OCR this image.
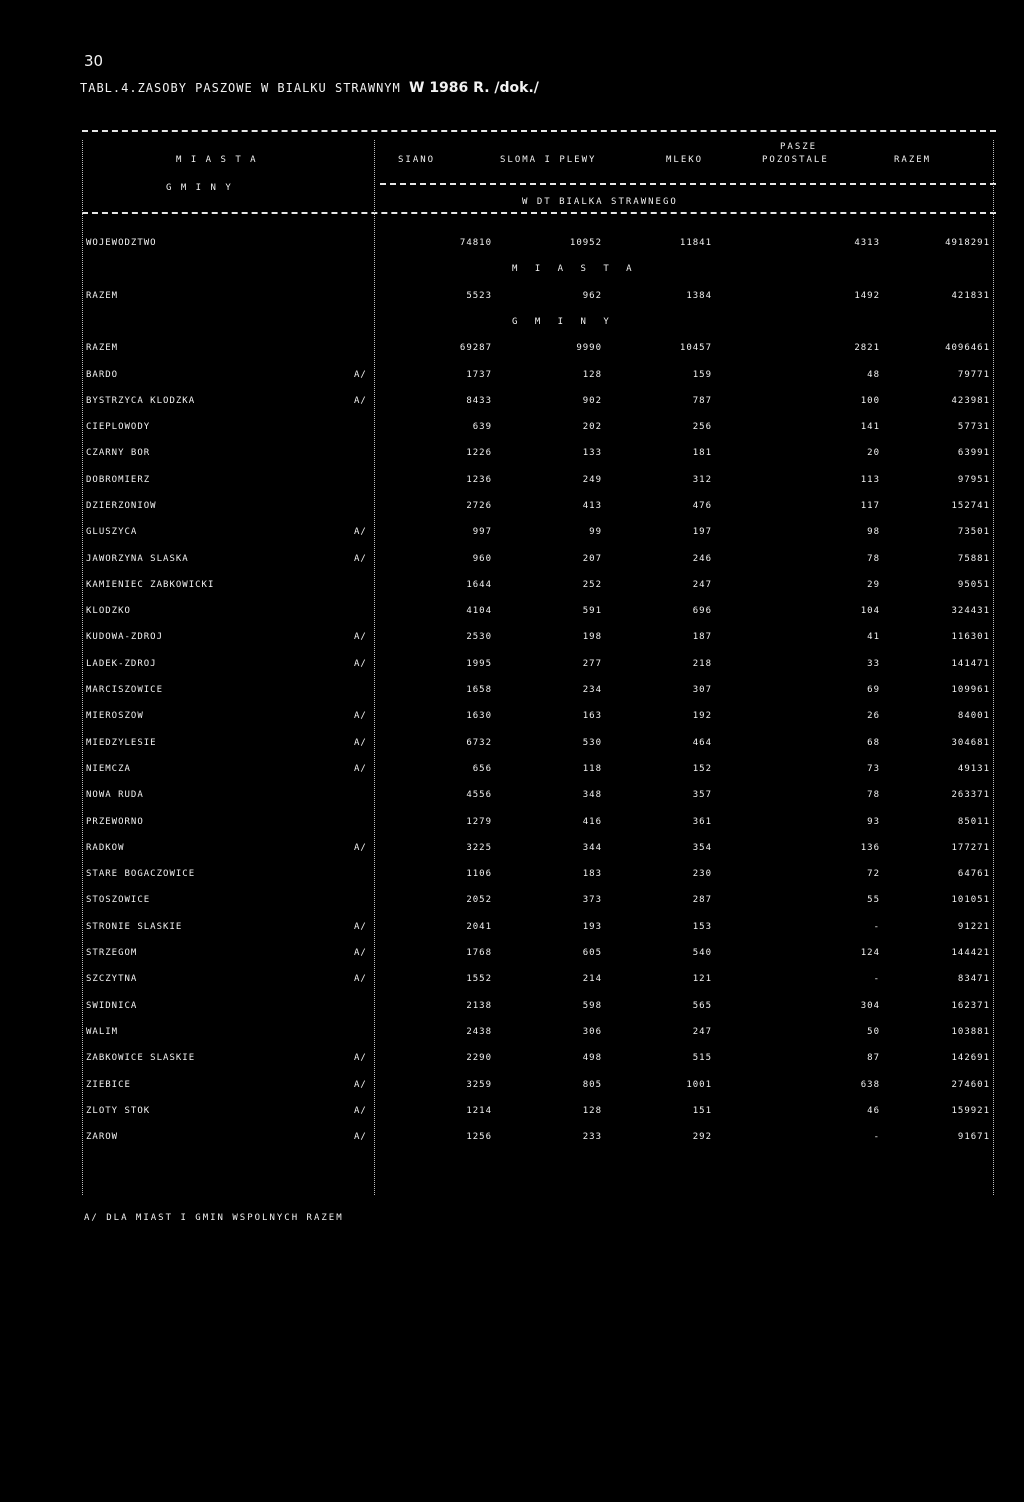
30
TABL.4.ZASOBY PASZOWE W BIALKU STRAWNYM W 1986 R. /dok./
M I A S T A
G M I N Y
SIANO	SLOMA I PLEWY	MLEKO
PASZE
POZOSTALE	RAZEM
W DT BIALKA STRAWNEGO
WOJEWODZTWO	74810	10952	11841	4313	4918291
M I A S T A
RAZEM	5523	962	1384	1492	421831
G M I N Y
RAZEM	69287	9990	10457	2821	4096461
BARDO	A/	1737	128	159	48	79771
BYSTRZYCA KLODZKA	A/	8433	902	787	100	423981
CIEPLOWODY	639	202	256	141	57731
CZARNY BOR	1226	133	181	20	63991
DOBROMIERZ	1236	249	312	113	97951
DZIERZONIOW	2726	413	476	117	152741
GLUSZYCA	A/	997	99	197	98	73501
JAWORZYNA SLASKA	A/	960	207	246	78	75881
KAMIENIEC ZABKOWICKI	1644	252	247	29	95051
KLODZKO	4104	591	696	104	324431
KUDOWA-ZDROJ	A/	2530	198	187	41	116301
LADEK-ZDROJ	A/	1995	277	218	33	141471
MARCISZOWICE	1658	234	307	69	109961
MIEROSZOW	A/	1630	163	192	26	84001
MIEDZYLESIE	A/	6732	530	464	68	304681
NIEMCZA	A/	656	118	152	73	49131
NOWA RUDA	4556	348	357	78	263371
PRZEWORNO	1279	416	361	93	85011
RADKOW	A/	3225	344	354	136	177271
STARE BOGACZOWICE	1106	183	230	72	64761
STOSZOWICE	2052	373	287	55	101051
STRONIE SLASKIE	A/	2041	193	153	-	91221
STRZEGOM	A/	1768	605	540	124	144421
SZCZYTNA	A/	1552	214	121	-	83471
SWIDNICA	2138	598	565	304	162371
WALIM	2438	306	247	50	103881
ZABKOWICE SLASKIE	A/	2290	498	515	87	142691
ZIEBICE	A/	3259	805	1001	638	274601
ZLOTY STOK	A/	1214	128	151	46	159921
ZAROW	A/	1256	233	292	-	91671
A/ DLA MIAST I GMIN WSPOLNYCH RAZEM
